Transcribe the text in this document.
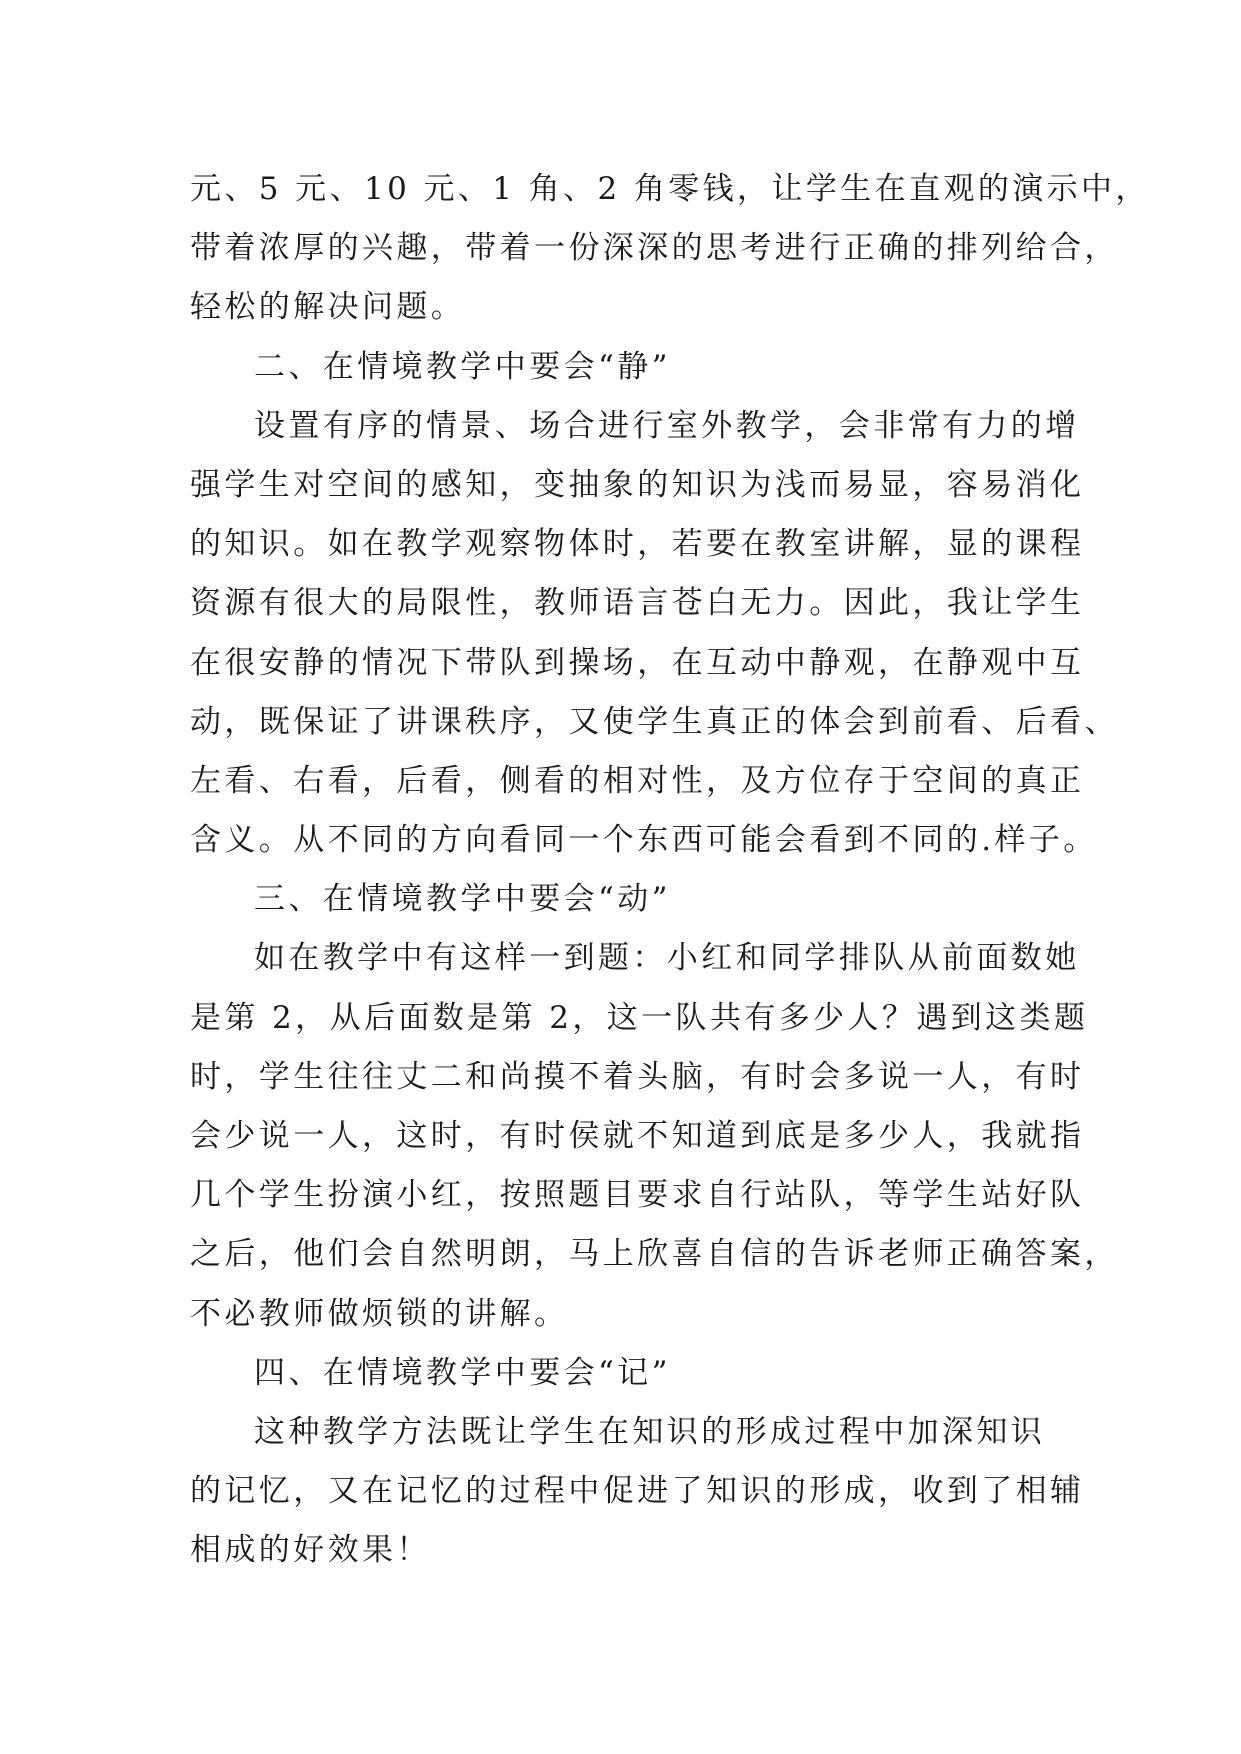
元、5 元、10 元、1 角、2 角零钱，让学生在直观的演示中，
带着浓厚的兴趣，带着一份深深的思考进行正确的排列给合，
轻松的解决问题。
二、在情境教学中要会“静”
设置有序的情景、场合进行室外教学，会非常有力的增
强学生对空间的感知，变抽象的知识为浅而易显，容易消化
的知识。如在教学观察物体时，若要在教室讲解，显的课程
资源有很大的局限性，教师语言苍白无力。因此，我让学生
在很安静的情况下带队到操场，在互动中静观，在静观中互
动，既保证了讲课秩序，又使学生真正的体会到前看、后看、
左看、右看，后看，侧看的相对性，及方位存于空间的真正
含义。从不同的方向看同一个东西可能会看到不同的.样子。
三、在情境教学中要会“动”
如在教学中有这样一到题：小红和同学排队从前面数她
是第 2，从后面数是第 2，这一队共有多少人？遇到这类题
时，学生往往丈二和尚摸不着头脑，有时会多说一人，有时
会少说一人，这时，有时侯就不知道到底是多少人，我就指
几个学生扮演小红，按照题目要求自行站队，等学生站好队
之后，他们会自然明朗，马上欣喜自信的告诉老师正确答案，
不必教师做烦锁的讲解。
四、在情境教学中要会“记”
这种教学方法既让学生在知识的形成过程中加深知识
的记忆，又在记忆的过程中促进了知识的形成，收到了相辅
相成的好效果！
